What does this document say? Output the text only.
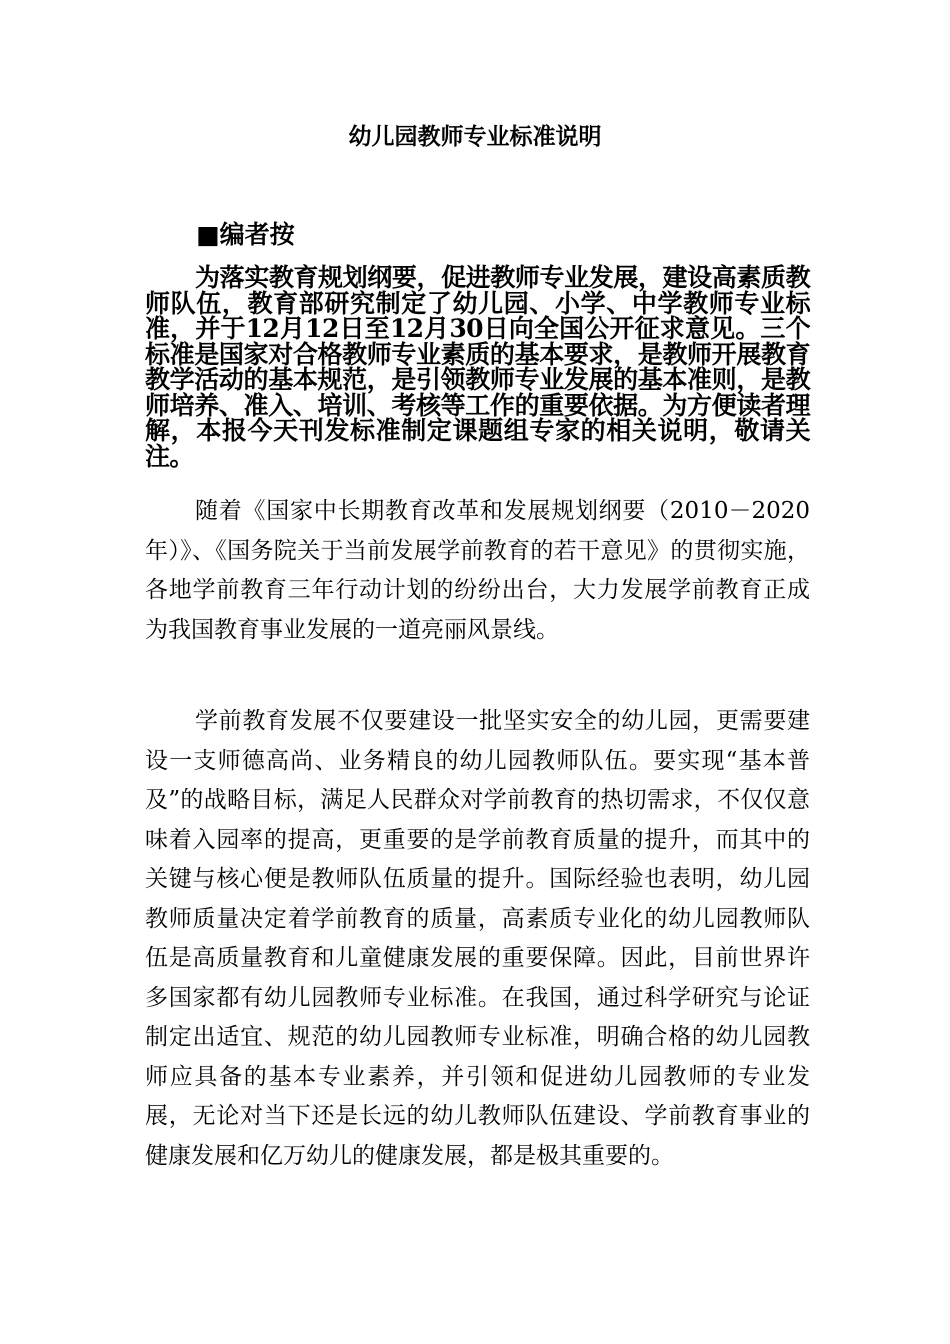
幼儿园教师专业标准说明

■编者按

为落实教育规划纲要，促进教师专业发展，建设高素质教师队伍，教育部研究制定了幼儿园、小学、中学教师专业标准，并于12月12日至12月30日向全国公开征求意见。三个标准是国家对合格教师专业素质的基本要求，是教师开展教育教学活动的基本规范，是引领教师专业发展的基本准则，是教师培养、准入、培训、考核等工作的重要依据。为方便读者理解，本报今天刊发标准制定课题组专家的相关说明，敬请关注。

随着《国家中长期教育改革和发展规划纲要（2010－2020年）》、《国务院关于当前发展学前教育的若干意见》的贯彻实施，各地学前教育三年行动计划的纷纷出台，大力发展学前教育正成为我国教育事业发展的一道亮丽风景线。

学前教育发展不仅要建设一批坚实安全的幼儿园，更需要建设一支师德高尚、业务精良的幼儿园教师队伍。要实现“基本普及”的战略目标，满足人民群众对学前教育的热切需求，不仅仅意味着入园率的提高，更重要的是学前教育质量的提升，而其中的关键与核心便是教师队伍质量的提升。国际经验也表明，幼儿园教师质量决定着学前教育的质量，高素质专业化的幼儿园教师队伍是高质量教育和儿童健康发展的重要保障。因此，目前世界许多国家都有幼儿园教师专业标准。在我国，通过科学研究与论证制定出适宜、规范的幼儿园教师专业标准，明确合格的幼儿园教师应具备的基本专业素养，并引领和促进幼儿园教师的专业发展，无论对当下还是长远的幼儿教师队伍建设、学前教育事业的健康发展和亿万幼儿的健康发展，都是极其重要的。
